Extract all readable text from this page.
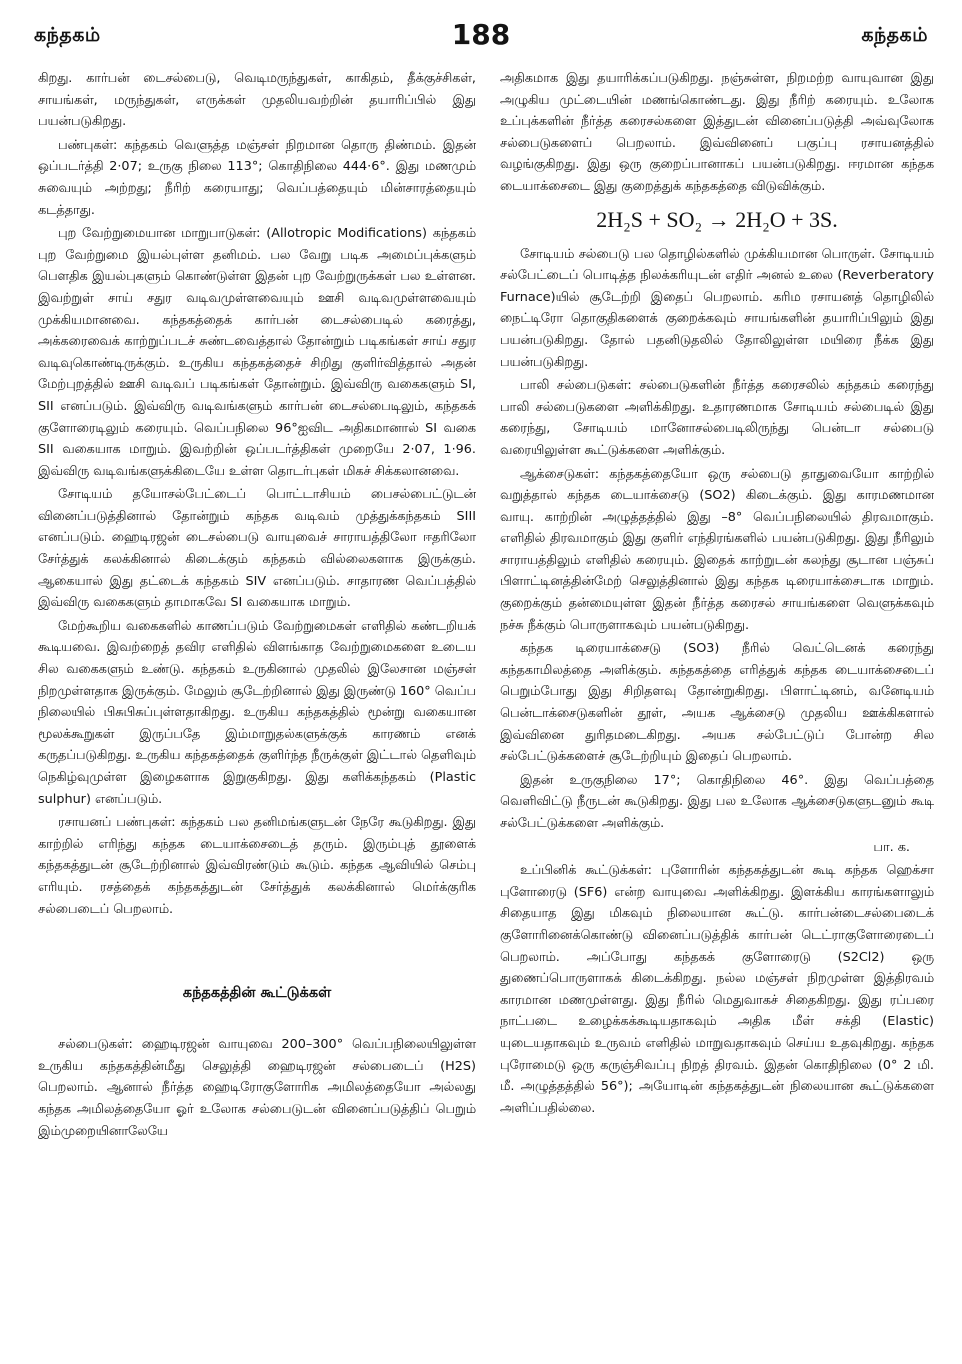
கந்தகம்	188	கந்தகம்

கிறது. கார்பன் டைசல்பைடு, வெடிமருந்துகள், காகிதம், தீக்குச்சிகள், சாயங்கள், மருந்துகள், எருக்கள் முதலியவற்றின் தயாரிப்பில் இது பயன்படுகிறது.

பண்புகள்: கந்தகம் வெளுத்த மஞ்சள் நிறமான தொரு திண்மம். இதன் ஒப்படர்த்தி 2·07; உருகு நிலை 113°; கொதிநிலை 444·6°. இது மணமும் சுவையும் அற்றது; நீரிற் கரையாது; வெப்பத்தையும் மின்சாரத்தையும் கடத்தாது.

புற வேற்றுமையான மாறுபாடுகள்: (Allotropic Modifications) கந்தகம் புற வேற்றுமை இயல்புள்ள தனிமம். பல வேறு படிக அமைப்புக்களும் பௌதிக இயல்புகளும் கொண்டுள்ள இதன் புற வேற்றுருக்கள் பல உள்ளன. இவற்றுள் சாய் சதுர வடிவமுள்ளவையும் ஊசி வடிவமுள்ளவையும் முக்கியமானவை. கந்தகத்தைக் கார்பன் டைசல்பைடில் கரைத்து, அக்கரைவைக் காற்றுப்படச் சுண்டவைத்தால் தோன்றும் படிகங்கள் சாய் சதுர வடிவுகொண்டிருக்கும். உருகிய கந்தகத்தைச் சிறிது குளிர்வித்தால் அதன் மேற்புறத்தில் ஊசி வடிவப் படிகங்கள் தோன்றும். இவ்விரு வகைகளும் SI, SII எனப்படும். இவ்விரு வடிவங்களும் கார்பன் டைசல்பைடிலும், கந்தகக் குளோரைடிலும் கரையும். வெப்பநிலை 96°ஐவிட அதிகமானால் SI வகை SII வகையாக மாறும். இவற்றின் ஒப்படர்த்திகள் முறையே 2·07, 1·96. இவ்விரு வடிவங்களுக்கிடையே உள்ள தொடர்புகள் மிகச் சிக்கலானவை.

சோடியம் தயோசல்பேட்டைப் பொட்டாசியம் பைசல்பைட்டுடன் வினைப்படுத்தினால் தோன்றும் கந்தக வடிவம் முத்துக்கந்தகம் SIII எனப்படும். ஹைடிரஜன் டைசல்பைடு வாயுவைச் சாராயத்திலோ ஈதரிலோ சேர்த்துக் கலக்கினால் கிடைக்கும் கந்தகம் வில்லைகளாக இருக்கும். ஆகையால் இது தட்டைக் கந்தகம் SIV எனப்படும். சாதாரண வெப்பத்தில் இவ்விரு வகைகளும் தாமாகவே SI வகையாக மாறும்.

மேற்கூறிய வகைகளில் காணப்படும் வேற்றுமைகள் எளிதில் கண்டறியக் கூடியவை. இவற்றைத் தவிர எளிதில் விளங்காத வேற்றுமைகளை உடைய சில வகைகளும் உண்டு. கந்தகம் உருகினால் முதலில் இலேசான மஞ்சள் நிறமுள்ளதாக இருக்கும். மேலும் சூடேற்றினால் இது இருண்டு 160° வெப்ப நிலையில் பிசுபிசுப்புள்ளதாகிறது. உருகிய கந்தகத்தில் மூன்று வகையான மூலக்கூறுகள் இருப்பதே இம்மாறுதல்களுக்குக் காரணம் எனக் கருதப்படுகிறது. உருகிய கந்தகத்தைக் குளிர்ந்த நீருக்குள் இட்டால் தெளிவும் நெகிழ்வுமுள்ள இழைகளாக இறுகுகிறது. இது களிக்கந்தகம் (Plastic sulphur) எனப்படும்.

ரசாயனப் பண்புகள்: கந்தகம் பல தனிமங்களுடன் நேரே கூடுகிறது. இது காற்றில் எரிந்து கந்தக டையாக்சைடைத் தரும். இரும்புத் தூளைக் கந்தகத்துடன் சூடேற்றினால் இவ்விரண்டும் கூடும். கந்தக ஆவியில் செம்பு எரியும். ரசத்தைக் கந்தகத்துடன் சேர்த்துக் கலக்கினால் மெர்க்குரிக சல்பைடைப் பெறலாம்.

கந்தகத்தின் கூட்டுக்கள்

சல்பைடுகள்: ஹைடிரஜன் வாயுவை 200–300° வெப்பநிலையிலுள்ள உருகிய கந்தகத்தின்மீது செலுத்தி ஹைடிரஜன் சல்பைடைப் (H2S) பெறலாம். ஆனால் நீர்த்த ஹைடிரோகுளோரிக அமிலத்தையோ அல்லது கந்தக அமிலத்தையோ ஓர் உலோக சல்பைடுடன் வினைப்படுத்திப் பெறும் இம்முறையினாலேயே

அதிகமாக இது தயாரிக்கப்படுகிறது. நஞ்சுள்ள, நிறமற்ற வாயுவான இது அழுகிய முட்டையின் மணங்கொண்டது. இது நீரிற் கரையும். உலோக உப்புக்களின் நீர்த்த கரைசல்களை இத்துடன் வினைப்படுத்தி அவ்வுலோக சல்பைடுகளைப் பெறலாம். இவ்வினைப் பகுப்பு ரசாயனத்தில் வழங்குகிறது. இது ஒரு குறைப்பானாகப் பயன்படுகிறது. ஈரமான கந்தக டையாக்சைடை இது குறைத்துக் கந்தகத்தை விடுவிக்கும்.

2H₂S + SO₂ → 2H₂O + 3S.

சோடியம் சல்பைடு பல தொழில்களில் முக்கியமான பொருள். சோடியம் சல்பேட்டைப் பொடித்த நிலக்கரியுடன் எதிர் அனல் உலை (Reverberatory Furnace)யில் சூடேற்றி இதைப் பெறலாம். கரிம ரசாயனத் தொழிலில் நைட்டிரோ தொகுதிகளைக் குறைக்கவும் சாயங்களின் தயாரிப்பிலும் இது பயன்படுகிறது. தோல் பதனிடுதலில் தோலிலுள்ள மயிரை நீக்க இது பயன்படுகிறது.

பாலி சல்பைடுகள்: சல்பைடுகளின் நீர்த்த கரைசலில் கந்தகம் கரைந்து பாலி சல்பைடுகளை அளிக்கிறது. உதாரணமாக சோடியம் சல்பைடில் இது கரைந்து, சோடியம் மானோசல்பைடிலிருந்து பென்டா சல்பைடு வரையிலுள்ள கூட்டுக்களை அளிக்கும்.

ஆக்சைடுகள்: கந்தகத்தையோ ஒரு சல்பைடு தாதுவையோ காற்றில் வறுத்தால் கந்தக டையாக்சைடு (SO2) கிடைக்கும். இது காரமணமான வாயு. காற்றின் அழுத்தத்தில் இது –8° வெப்பநிலையில் திரவமாகும். எளிதில் திரவமாகும் இது குளிர் எந்திரங்களில் பயன்படுகிறது. இது நீரிலும் சாராயத்திலும் எளிதில் கரையும். இதைக் காற்றுடன் கலந்து சூடான பஞ்சுப் பிளாட்டினத்தின்மேற் செலுத்தினால் இது கந்தக டிரையாக்சைடாக மாறும். குறைக்கும் தன்மையுள்ள இதன் நீர்த்த கரைசல் சாயங்களை வெளுக்கவும் நச்சு நீக்கும் பொருளாகவும் பயன்படுகிறது.

கந்தக டிரையாக்சைடு (SO3) நீரில் வெட்டெனக் கரைந்து கந்தகாமிலத்தை அளிக்கும். கந்தகத்தை எரித்துக் கந்தக டையாக்சைடைப் பெறும்போது இது சிறிதளவு தோன்றுகிறது. பிளாட்டினம், வனேடியம் பென்டாக்சைடுகளின் தூள், அயக ஆக்சைடு முதலிய ஊக்கிகளால் இவ்வினை துரிதமடைகிறது. அயக சல்பேட்டுப் போன்ற சில சல்பேட்டுக்களைச் சூடேற்றியும் இதைப் பெறலாம்.

இதன் உருகுநிலை 17°; கொதிநிலை 46°. இது வெப்பத்தை வெளிவிட்டு நீருடன் கூடுகிறது. இது பல உலோக ஆக்சைடுகளுடனும் கூடி சல்பேட்டுக்களை அளிக்கும்.

பா. க.

உப்பினிக் கூட்டுக்கள்: புளோரின் கந்தகத்துடன் கூடி கந்தக ஹெக்சா புளோரைடு (SF6) என்ற வாயுவை அளிக்கிறது. இளக்கிய காரங்களாலும் சிதையாத இது மிகவும் நிலையான கூட்டு. கார்பன்டைசல்பைடைக் குளோரினைக்கொண்டு வினைப்படுத்திக் கார்பன் டெட்ராகுளோரைடைப் பெறலாம். அப்போது கந்தகக் குளோரைடு (S2Cl2) ஒரு துணைப்பொருளாகக் கிடைக்கிறது. நல்ல மஞ்சள் நிறமுள்ள இத்திரவம் காரமான மணமுள்ளது. இது நீரில் மெதுவாகச் சிதைகிறது. இது ரப்பரை நாட்படை உழைக்கக்கூடியதாகவும் அதிக மீள் சக்தி (Elastic) யுடையதாகவும் உருவம் எளிதில் மாறுவதாகவும் செய்ய உதவுகிறது. கந்தக புரோமைடு ஒரு கருஞ்சிவப்பு நிறத் திரவம். இதன் கொதிநிலை (0° 2 மி. மீ. அழுத்தத்தில் 56°); அயோடின் கந்தகத்துடன் நிலையான கூட்டுக்களை அளிப்பதில்லை.
